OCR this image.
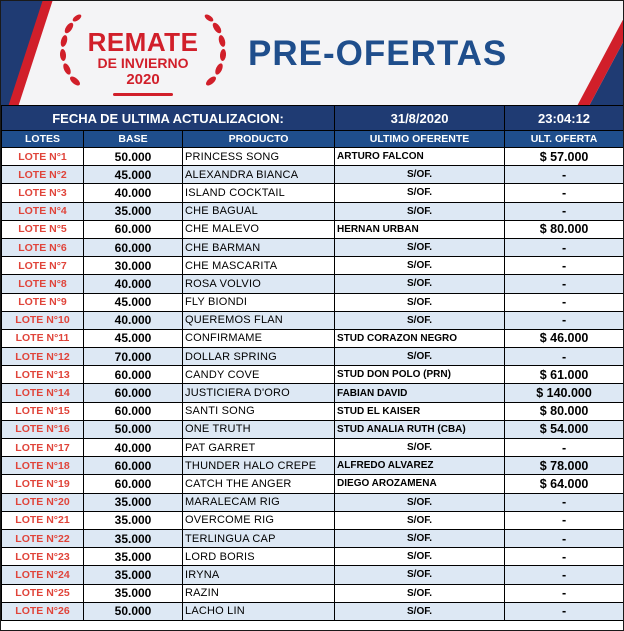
REMATE
DE INVIERNO
2020
PRE-OFERTAS
FECHA DE ULTIMA ACTUALIZACION:			31/8/2020	23:04:12
LOTES	BASE	PRODUCTO	ULTIMO OFERENTE	ULT. OFERTA
LOTE N°1	50.000	PRINCESS SONG	ARTURO FALCON	$ 57.000
LOTE N°2	45.000	ALEXANDRA BIANCA	S/OF.	-
LOTE N°3	40.000	ISLAND COCKTAIL	S/OF.	-
LOTE N°4	35.000	CHE BAGUAL	S/OF.	-
LOTE N°5	60.000	CHE MALEVO	HERNAN URBAN	$ 80.000
LOTE N°6	60.000	CHE BARMAN	S/OF.	-
LOTE N°7	30.000	CHE MASCARITA	S/OF.	-
LOTE N°8	40.000	ROSA VOLVIO	S/OF.	-
LOTE N°9	45.000	FLY BIONDI	S/OF.	-
LOTE N°10	40.000	QUEREMOS FLAN	S/OF.	-
LOTE N°11	45.000	CONFIRMAME	STUD CORAZON NEGRO	$ 46.000
LOTE N°12	70.000	DOLLAR SPRING	S/OF.	-
LOTE N°13	60.000	CANDY COVE	STUD DON POLO (PRN)	$ 61.000
LOTE N°14	60.000	JUSTICIERA D'ORO	FABIAN DAVID	$ 140.000
LOTE N°15	60.000	SANTI SONG	STUD EL KAISER	$ 80.000
LOTE N°16	50.000	ONE TRUTH	STUD ANALIA RUTH (CBA)	$ 54.000
LOTE N°17	40.000	PAT GARRET	S/OF.	-
LOTE N°18	60.000	THUNDER HALO CREPE	ALFREDO ALVAREZ	$ 78.000
LOTE N°19	60.000	CATCH THE ANGER	DIEGO AROZAMENA	$ 64.000
LOTE N°20	35.000	MARALECAM RIG	S/OF.	-
LOTE N°21	35.000	OVERCOME RIG	S/OF.	-
LOTE N°22	35.000	TERLINGUA CAP	S/OF.	-
LOTE N°23	35.000	LORD BORIS	S/OF.	-
LOTE N°24	35.000	IRYNA	S/OF.	-
LOTE N°25	35.000	RAZIN	S/OF.	-
LOTE N°26	50.000	LACHO LIN	S/OF.	-
